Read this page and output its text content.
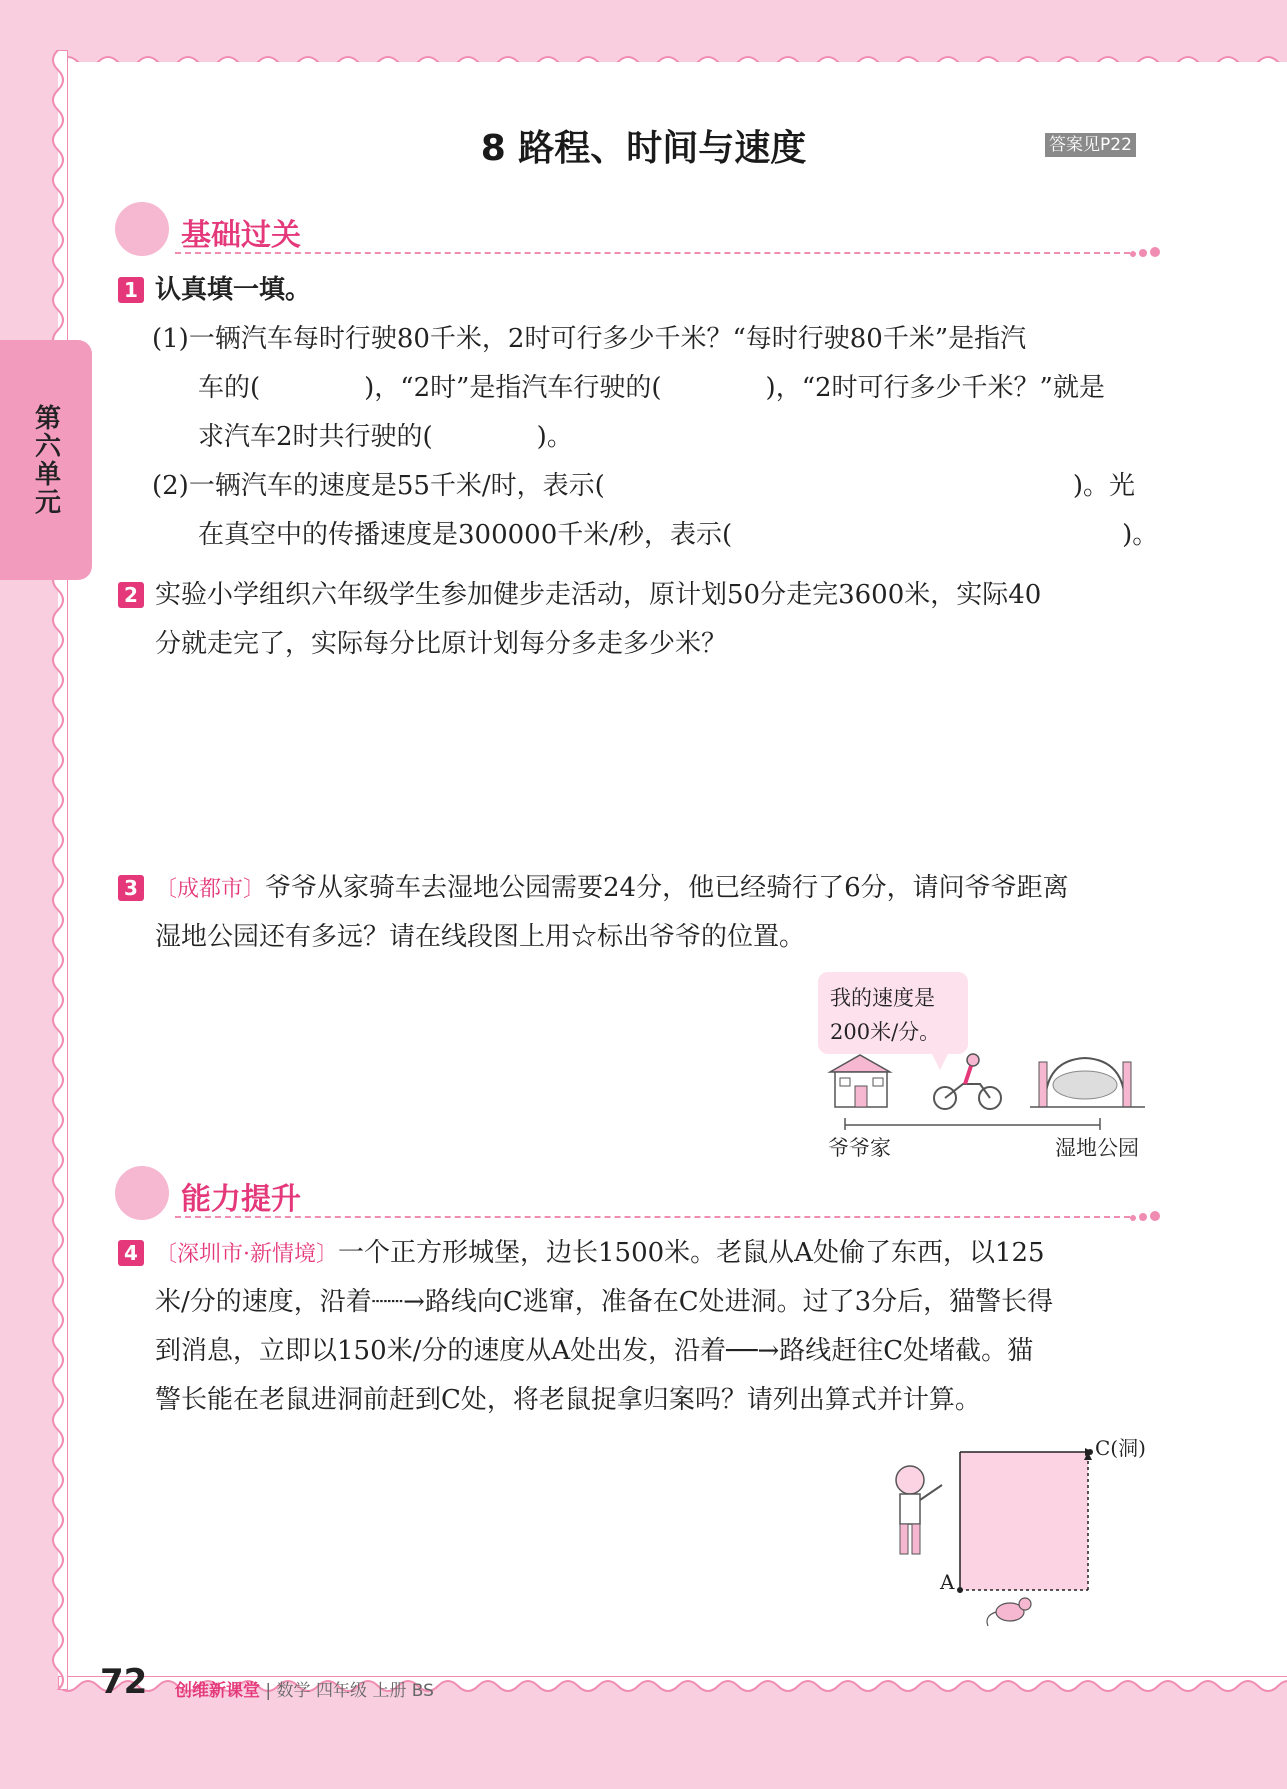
第六单元
8 路程、时间与速度	答案见P22
基础过关
1 认真填一填。
(1)一辆汽车每时行驶80千米，2时可行多少千米？“每时行驶80千米”是指汽
车的(　　　　)，“2时”是指汽车行驶的(　　　　)，“2时可行多少千米？”就是
求汽车2时共行驶的(　　　　)。
(2)一辆汽车的速度是55千米/时，表示(　　　　　　　　　　　　　　　　　　)。光
在真空中的传播速度是300000千米/秒，表示(　　　　　　　　　　　　　　　)。
2 实验小学组织六年级学生参加健步走活动，原计划50分走完3600米，实际40
分就走完了，实际每分比原计划每分多走多少米？
3 〔成都市〕爷爷从家骑车去湿地公园需要24分，他已经骑行了6分，请问爷爷距离
湿地公园还有多远？请在线段图上用☆标出爷爷的位置。
我的速度是
200米/分。
爷爷家	湿地公园
能力提升
4 〔深圳市·新情境〕一个正方形城堡，边长1500米。老鼠从A处偷了东西，以125
米/分的速度，沿着┈┈→路线向C逃窜，准备在C处进洞。过了3分后，猫警长得
到消息，立即以150米/分的速度从A处出发，沿着──→路线赶往C处堵截。猫
警长能在老鼠进洞前赶到C处，将老鼠捉拿归案吗？请列出算式并计算。
A
C(洞)
72 创维新课堂 | 数学 四年级 上册 BS
